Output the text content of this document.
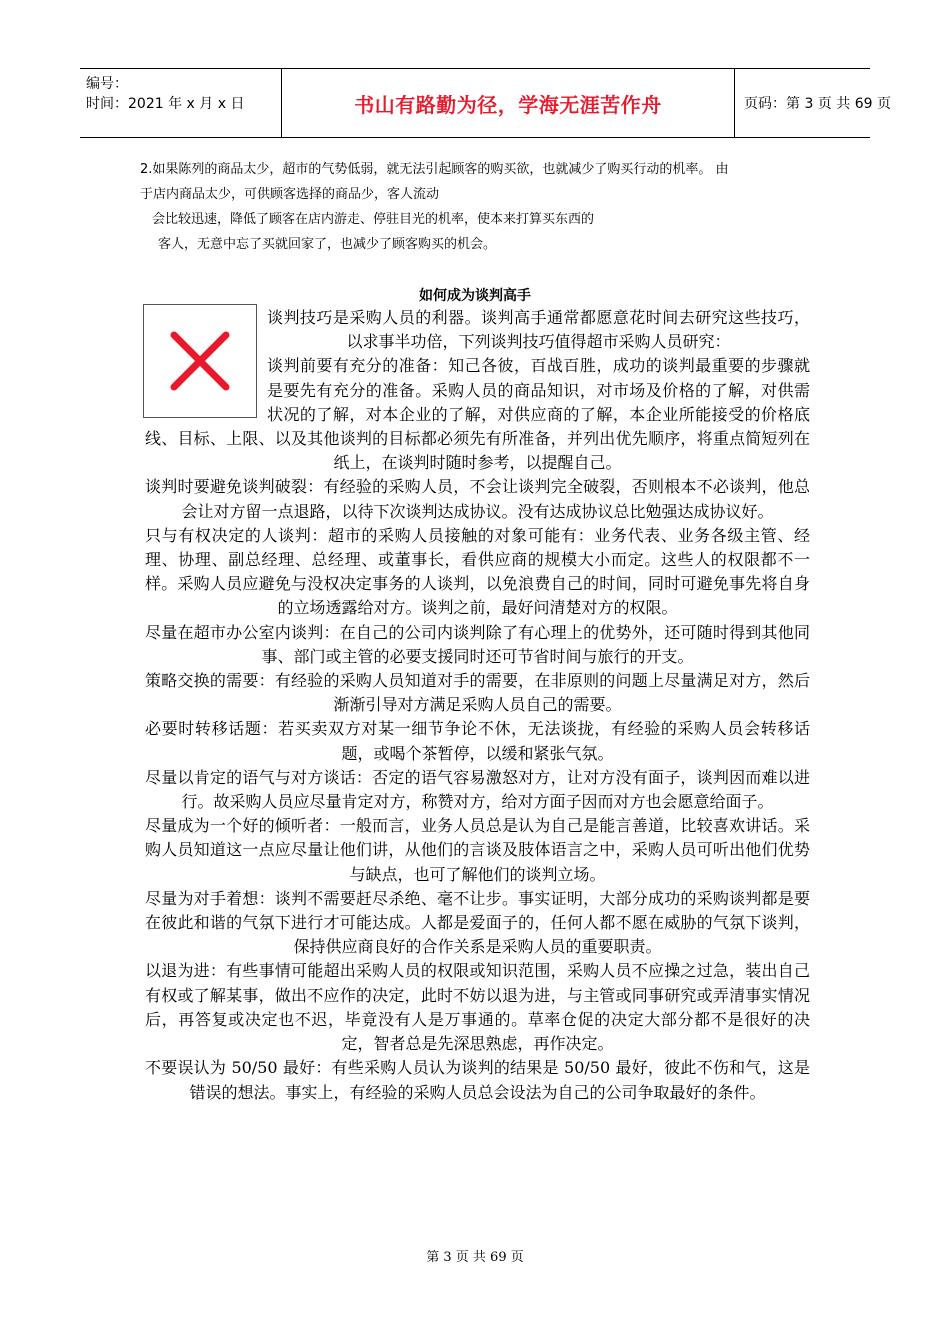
编号：
时间：2021 年 x 月 x 日	书山有路勤为径，学海无涯苦作舟	页码：第 3 页 共 69 页
2.如果陈列的商品太少，超市的气势低弱，就无法引起顾客的购买欲，也就减少了购买行动的机率。 由
于店内商品太少，可供顾客选择的商品少，客人流动
会比较迅速，降低了顾客在店内游走、停驻目光的机率，使本来打算买东西的
客人，无意中忘了买就回家了，也减少了顾客购买的机会。
如何成为谈判高手

谈判技巧是采购人员的利器。谈判高手通常都愿意花时间去研究这些技巧，以求事半功倍，下列谈判技巧值得超市采购人员研究：

谈判前要有充分的准备：知己各彼，百战百胜，成功的谈判最重要的步骤就是要先有充分的准备。采购人员的商品知识，对市场及价格的了解，对供需状况的了解，对本企业的了解，对供应商的了解，本企业所能接受的价格底线、目标、上限、以及其他谈判的目标都必须先有所准备，并列出优先顺序，将重点简短列在纸上，在谈判时随时参考，以提醒自己。

谈判时要避免谈判破裂：有经验的采购人员，不会让谈判完全破裂，否则根本不必谈判，他总会让对方留一点退路，以待下次谈判达成协议。没有达成协议总比勉强达成协议好。

只与有权决定的人谈判：超市的采购人员接触的对象可能有：业务代表、业务各级主管、经理、协理、副总经理、总经理、或董事长，看供应商的规模大小而定。这些人的权限都不一样。采购人员应避免与没权决定事务的人谈判，以免浪费自己的时间，同时可避免事先将自身的立场透露给对方。谈判之前，最好问清楚对方的权限。

尽量在超市办公室内谈判：在自己的公司内谈判除了有心理上的优势外，还可随时得到其他同事、部门或主管的必要支援同时还可节省时间与旅行的开支。

策略交换的需要：有经验的采购人员知道对手的需要，在非原则的问题上尽量满足对方，然后渐渐引导对方满足采购人员自己的需要。

必要时转移话题：若买卖双方对某一细节争论不休，无法谈拢，有经验的采购人员会转移话题，或喝个茶暂停，以缓和紧张气氛。

尽量以肯定的语气与对方谈话：否定的语气容易激怒对方，让对方没有面子，谈判因而难以进行。故采购人员应尽量肯定对方，称赞对方，给对方面子因而对方也会愿意给面子。

尽量成为一个好的倾听者：一般而言，业务人员总是认为自己是能言善道，比较喜欢讲话。采购人员知道这一点应尽量让他们讲，从他们的言谈及肢体语言之中，采购人员可听出他们优势与缺点，也可了解他们的谈判立场。

尽量为对手着想：谈判不需要赶尽杀绝、毫不让步。事实证明，大部分成功的采购谈判都是要在彼此和谐的气氛下进行才可能达成。人都是爱面子的，任何人都不愿在威胁的气氛下谈判，保持供应商良好的合作关系是采购人员的重要职责。

以退为进：有些事情可能超出采购人员的权限或知识范围，采购人员不应操之过急，装出自己有权或了解某事，做出不应作的决定，此时不妨以退为进，与主管或同事研究或弄清事实情况后，再答复或决定也不迟，毕竟没有人是万事通的。草率仓促的决定大部分都不是很好的决定，智者总是先深思熟虑，再作决定。

不要误认为 50/50 最好：有些采购人员认为谈判的结果是 50/50 最好，彼此不伤和气，这是错误的想法。事实上，有经验的采购人员总会设法为自己的公司争取最好的条件。

第 3 页 共 69 页
